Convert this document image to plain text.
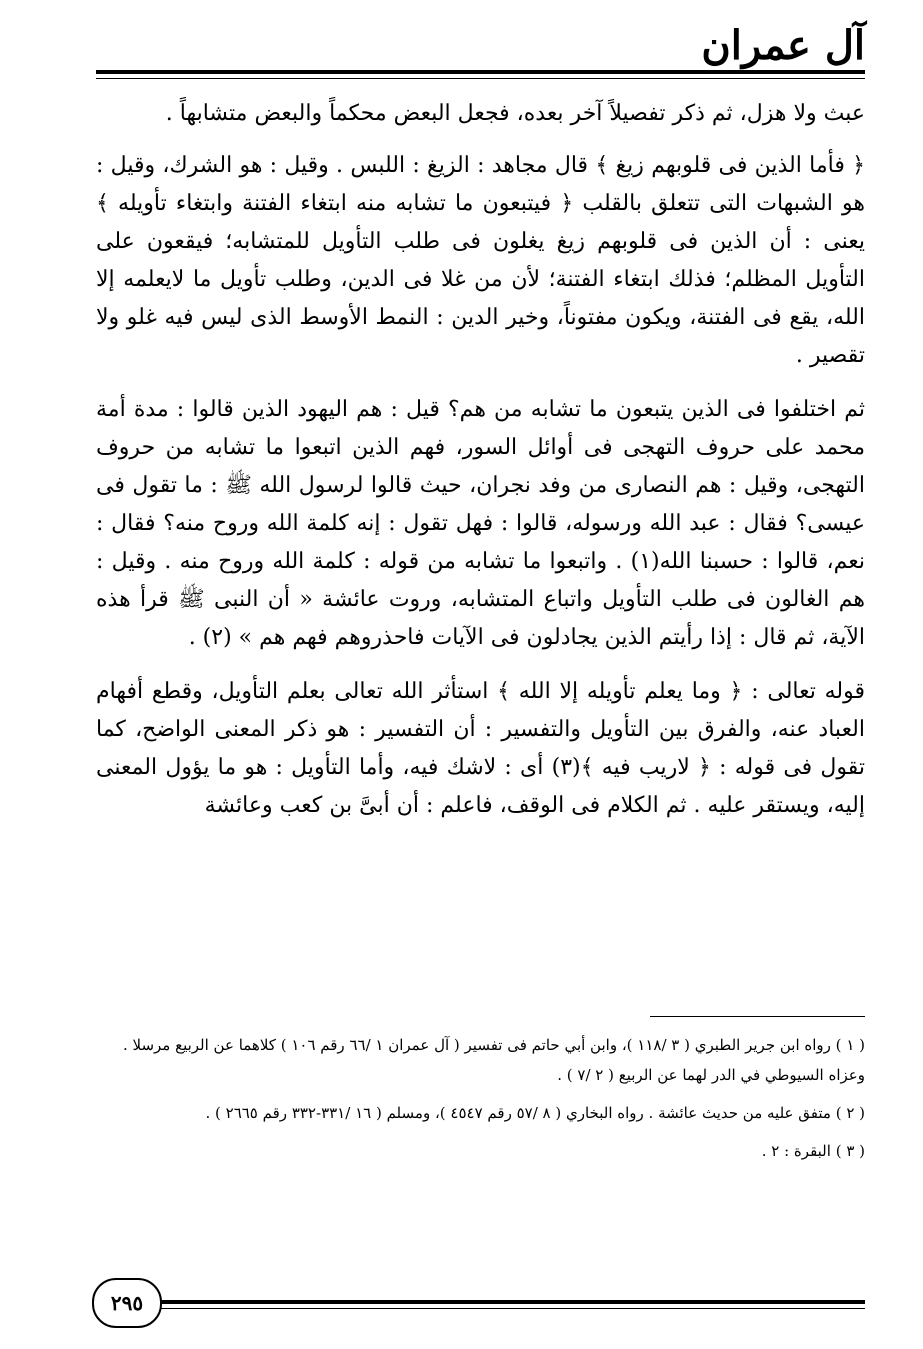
آل عمران

عبث ولا هزل، ثم ذكر تفصيلاً آخر بعده، فجعل البعض محكماً والبعض متشابهاً .

﴿ فأما الذين فى قلوبهم زيغ ﴾ قال مجاهد : الزيغ : اللبس . وقيل : هو الشرك، وقيل : هو الشبهات التى تتعلق بالقلب ﴿ فيتبعون ما تشابه منه ابتغاء الفتنة وابتغاء تأويله ﴾ يعنى : أن الذين فى قلوبهم زيغ يغلون فى طلب التأويل للمتشابه؛ فيقعون على التأويل المظلم؛ فذلك ابتغاء الفتنة؛ لأن من غلا فى الدين، وطلب تأويل ما لايعلمه إلا الله، يقع فى الفتنة، ويكون مفتوناً، وخير الدين : النمط الأوسط الذى ليس فيه غلو ولا تقصير .

ثم اختلفوا فى الذين يتبعون ما تشابه من هم؟ قيل : هم اليهود الذين قالوا : مدة أمة محمد على حروف التهجى فى أوائل السور، فهم الذين اتبعوا ما تشابه من حروف التهجى، وقيل : هم النصارى من وفد نجران، حيث قالوا لرسول الله ﷺ : ما تقول فى عيسى؟ فقال : عبد الله ورسوله، قالوا : فهل تقول : إنه كلمة الله وروح منه؟ فقال : نعم، قالوا : حسبنا الله(١) . واتبعوا ما تشابه من قوله : كلمة الله وروح منه . وقيل : هم الغالون فى طلب التأويل واتباع المتشابه، وروت عائشة « أن النبى ﷺ قرأ هذه الآية، ثم قال : إذا رأيتم الذين يجادلون فى الآيات فاحذروهم فهم هم » (٢) .

قوله تعالى : ﴿ وما يعلم تأويله إلا الله ﴾ استأثر الله تعالى بعلم التأويل، وقطع أفهام العباد عنه، والفرق بين التأويل والتفسير : أن التفسير : هو ذكر المعنى الواضح، كما تقول فى قوله : ﴿ لاريب فيه ﴾(٣) أى : لاشك فيه، وأما التأويل : هو ما يؤول المعنى إليه، ويستقر عليه . ثم الكلام فى الوقف، فاعلم : أن أبىَّ بن كعب وعائشة

( ١ ) رواه ابن جرير الطبري ( ٣ /١١٨ )، وابن أبي حاتم فى تفسير ( آل عمران ١ /٦٦ رقم ١٠٦ ) كلاهما عن الربيع مرسلا . وعزاه السيوطي في الدر لهما عن الربيع ( ٢ /٧ ) .

( ٢ ) متفق عليه من حديث عائشة . رواه البخاري ( ٨ /٥٧ رقم ٤٥٤٧ )، ومسلم ( ١٦ /٣٣١-٣٣٢ رقم ٢٦٦٥ ) .

( ٣ ) البقرة : ٢ .

٢٩٥
